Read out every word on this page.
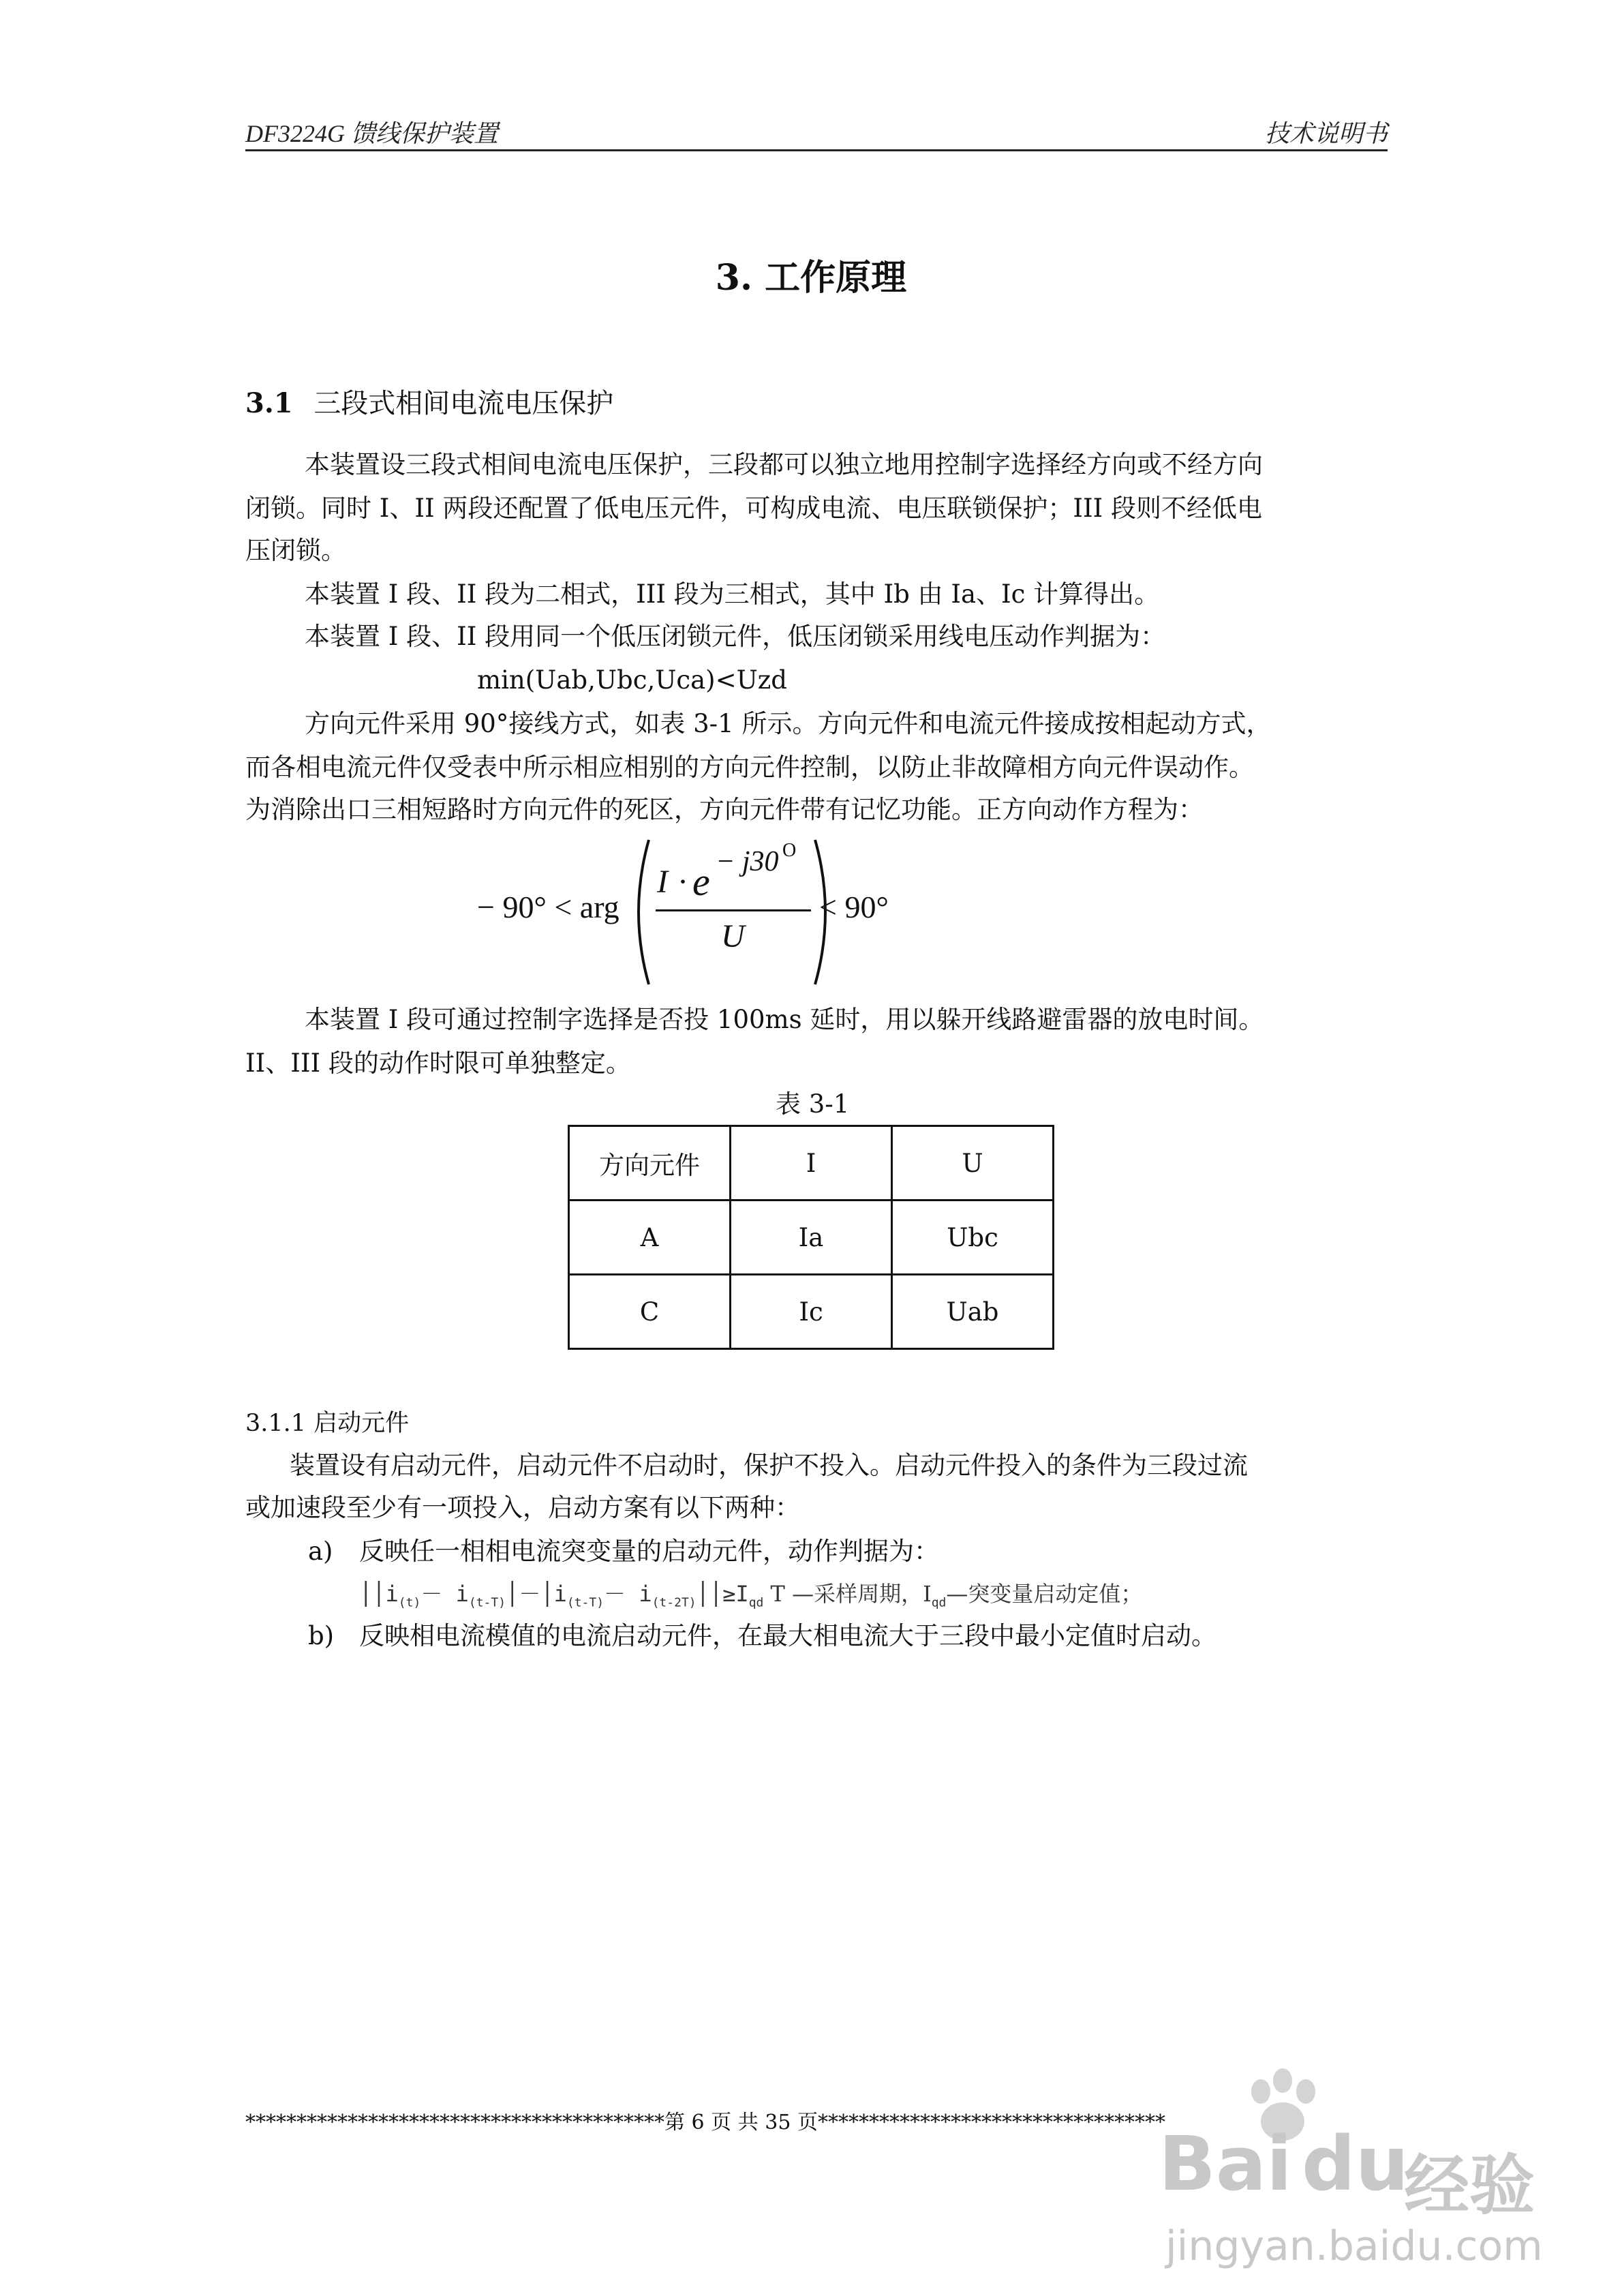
DF3224G 馈线保护装置	技术说明书
3. 工作原理
3.1 三段式相间电流电压保护
本装置设三段式相间电流电压保护，三段都可以独立地用控制字选择经方向或不经方向
闭锁。同时 I、II 两段还配置了低电压元件，可构成电流、电压联锁保护；III 段则不经低电
压闭锁。
本装置 I 段、II 段为二相式，III 段为三相式，其中 Ib 由 Ia、Ic 计算得出。
本装置 I 段、II 段用同一个低压闭锁元件，低压闭锁采用线电压动作判据为：
min(Uab,Ubc,Uca)<Uzd
方向元件采用 90°接线方式，如表 3-1 所示。方向元件和电流元件接成按相起动方式，
而各相电流元件仅受表中所示相应相别的方向元件控制，以防止非故障相方向元件误动作。
为消除出口三相短路时方向元件的死区，方向元件带有记忆功能。正方向动作方程为：
− 90° < arg
I · e − j30 O
U
< 90°
本装置 I 段可通过控制字选择是否投 100ms 延时，用以躲开线路避雷器的放电时间。
II、III 段的动作时限可单独整定。
表 3-1
方向元件	I	U
A	Ia	Ubc
C	Ic	Uab
3.1.1 启动元件
装置设有启动元件，启动元件不启动时，保护不投入。启动元件投入的条件为三段过流
或加速段至少有一项投入，启动方案有以下两种：
a) 反映任一相相电流突变量的启动元件，动作判据为：
$││i_{(t)}-$ $i_{(t-T)}│-│i_{(t-T)}-$ $i_{(t-2T)}││\ge I_{qd}$ T —采样周期，$I_{qd}—$突变量启动定值；
b) 反映相电流模值的电流启动元件，在最大相电流大于三段中最小定值时启动。
*****************************************第 6 页 共 35 页**********************************
Bai du
经验
jingyan.baidu.com
